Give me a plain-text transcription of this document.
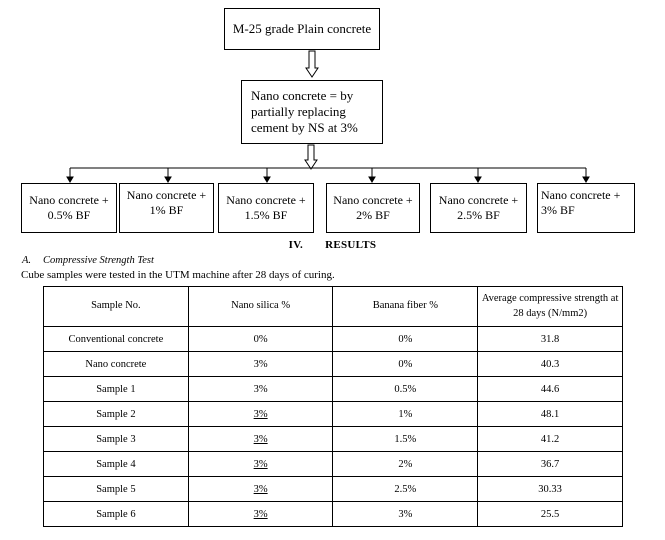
M-25 grade Plain concrete
Nano concrete = by partially replacing cement by NS at 3%
Nano concrete + 0.5% BF
Nano concrete + 1% BF
Nano concrete + 1.5% BF
Nano concrete + 2% BF
Nano concrete + 2.5% BF
Nano concrete + 3% BF
IV. RESULTS
A. Compressive Strength Test
Cube samples were tested in the UTM machine after 28 days of curing.
Sample No.	Nano silica %	Banana fiber %	Average compressive strength at 28 days (N/mm2)
Conventional concrete	0%	0%	31.8
Nano concrete	3%	0%	40.3
Sample 1	3%	0.5%	44.6
Sample 2	3%	1%	48.1
Sample 3	3%	1.5%	41.2
Sample 4	3%	2%	36.7
Sample 5	3%	2.5%	30.33
Sample 6	3%	3%	25.5
